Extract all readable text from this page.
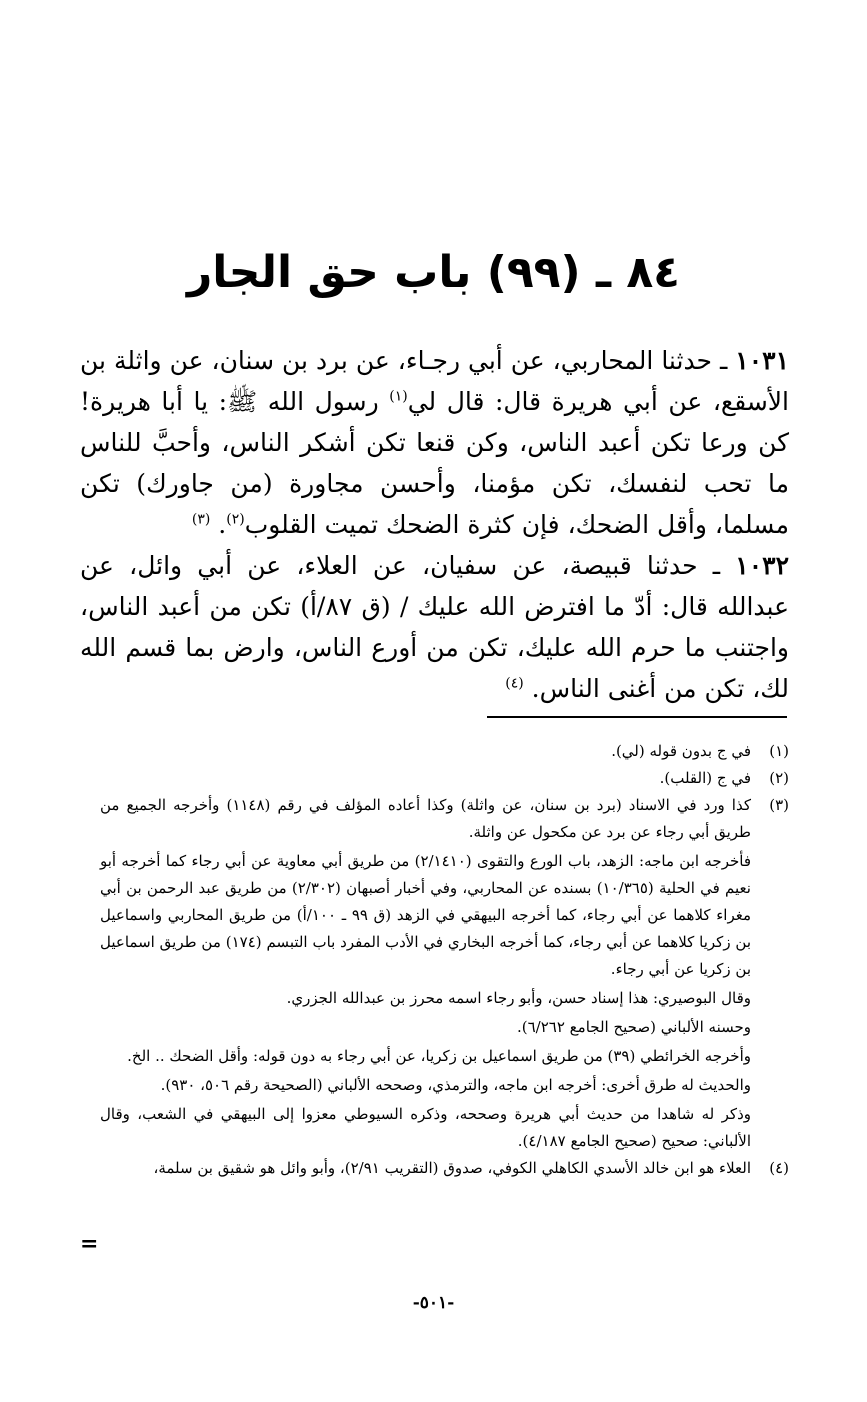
٨٤ ـ (٩٩) باب حق الجار

١٠٣١ ـ حدثنا المحاربي، عن أبي رجـاء، عن برد بن سنان، عن واثلة بن الأسقع، عن أبي هريرة قال: قال لي$^{(١)}$ رسول الله ﷺ: يا أبا هريرة! كن ورعا تكن أعبد الناس، وكن قنعا تكن أشكر الناس، وأحبَّ للناس ما تحب لنفسك، تكن مؤمنا، وأحسن مجاورة (من جاورك) تكن مسلما، وأقل الضحك، فإن كثرة الضحك تميت القلوب$^{(٢)}$. $^{(٣)}$

١٠٣٢ ـ حدثنا قبيصة، عن سفيان، عن العلاء، عن أبي وائل، عن عبدالله قال: أدّ ما افترض الله عليك / (ق ٨٧/أ) تكن من أعبد الناس، واجتنب ما حرم الله عليك، تكن من أورع الناس، وارض بما قسم الله لك، تكن من أغنى الناس. $^{(٤)}$

(١)

في ج بدون قوله (لي).

(٢)

في ج (القلب).

(٣)

كذا ورد في الاسناد (برد بن سنان، عن واثلة) وكذا أعاده المؤلف في رقم (١١٤٨) وأخرجه الجميع من طريق أبي رجاء عن برد عن مكحول عن واثلة.

فأخرجه ابن ماجه: الزهد، باب الورع والتقوى (٢/١٤١٠) من طريق أبي معاوية عن أبي رجاء كما أخرجه أبو نعيم في الحلية (١٠/٣٦٥) بسنده عن المحاربي، وفي أخبار أصبهان (٢/٣٠٢) من طريق عبد الرحمن بن أبي مغراء كلاهما عن أبي رجاء، كما أخرجه البيهقي في الزهد (ق ٩٩ ـ ١٠٠/أ) من طريق المحاربي واسماعيل بن زكريا كلاهما عن أبي رجاء، كما أخرجه البخاري في الأدب المفرد باب التبسم (١٧٤) من طريق اسماعيل بن زكريا عن أبي رجاء.

وقال البوصيري: هذا إسناد حسن، وأبو رجاء اسمه محرز بن عبدالله الجزري.

وحسنه الألباني (صحيح الجامع ٦/٢٦٢).

وأخرجه الخرائطي (٣٩) من طريق اسماعيل بن زكريا، عن أبي رجاء به دون قوله: وأقل الضحك .. الخ.

والحديث له طرق أخرى: أخرجه ابن ماجه، والترمذي، وصححه الألباني (الصحيحة رقم ٥٠٦، ٩٣٠).

وذكر له شاهدا من حديث أبي هريرة وصححه، وذكره السيوطي معزوا إلى البيهقي في الشعب، وقال الألباني: صحيح (صحيح الجامع ٤/١٨٧).

(٤)

العلاء هو ابن خالد الأسدي الكاهلي الكوفي، صدوق (التقريب ٢/٩١)، وأبو وائل هو شقيق بن سلمة،

=
-٥٠١-
